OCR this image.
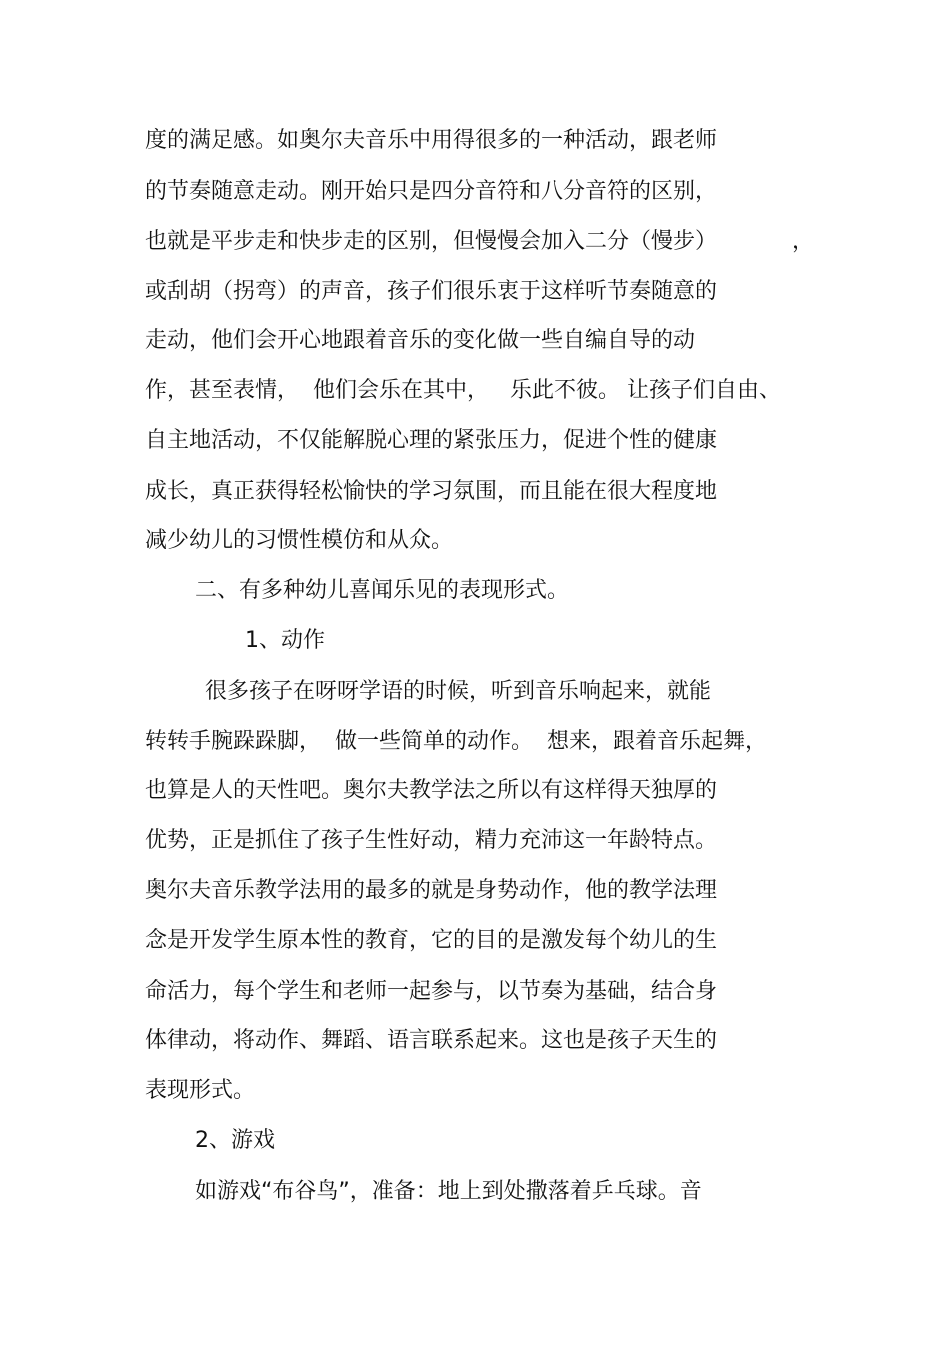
度的满足感。如奥尔夫音乐中用得很多的一种活动，跟老师

的节奏随意走动。刚开始只是四分音符和八分音符的区别，

也就是平步走和快步走的区别，但慢慢会加入二分（慢步）	，

或刮胡（拐弯）的声音，孩子们很乐衷于这样听节奏随意的

走动，他们会开心地跟着音乐的变化做一些自编自导的动

作，甚至表情，  他们会乐在其中，   乐此不彼。 让孩子们自由、

自主地活动，不仅能解脱心理的紧张压力，促进个性的健康

成长，真正获得轻松愉快的学习氛围，而且能在很大程度地

减少幼儿的习惯性模仿和从众。

二、有多种幼儿喜闻乐见的表现形式。

1、动作

很多孩子在呀呀学语的时候，听到音乐响起来，就能

转转手腕跺跺脚，  做一些简单的动作。  想来，跟着音乐起舞，

也算是人的天性吧。奥尔夫教学法之所以有这样得天独厚的

优势，正是抓住了孩子生性好动，精力充沛这一年龄特点。

奥尔夫音乐教学法用的最多的就是身势动作，他的教学法理

念是开发学生原本性的教育，它的目的是激发每个幼儿的生

命活力，每个学生和老师一起参与，以节奏为基础，结合身

体律动，将动作、舞蹈、语言联系起来。这也是孩子天生的

表现形式。

2、游戏

如游戏“布谷鸟”，准备：地上到处撒落着乒乓球。音
